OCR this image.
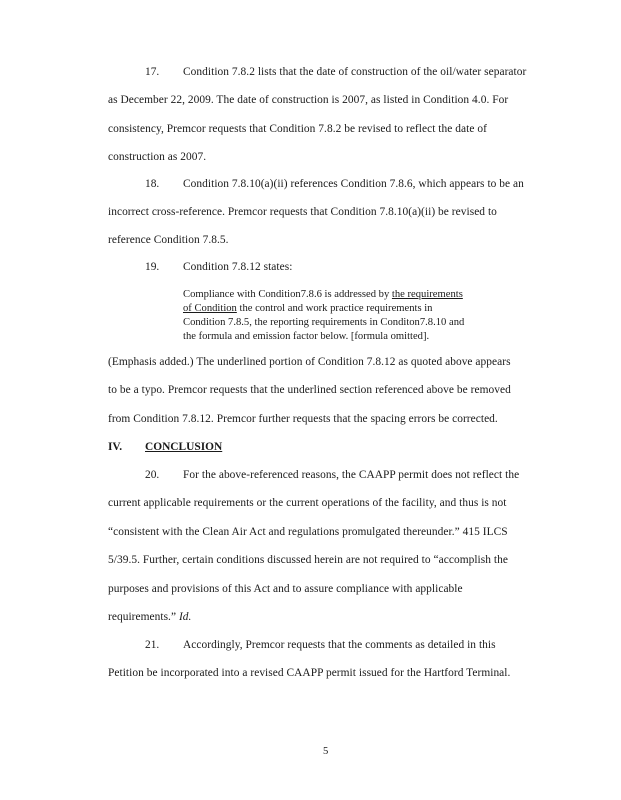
17. Condition 7.8.2 lists that the date of construction of the oil/water separator
as December 22, 2009. The date of construction is 2007, as listed in Condition 4.0. For
consistency, Premcor requests that Condition 7.8.2 be revised to reflect the date of
construction as 2007.
18. Condition 7.8.10(a)(ii) references Condition 7.8.6, which appears to be an
incorrect cross-reference. Premcor requests that Condition 7.8.10(a)(ii) be revised to
reference Condition 7.8.5.
19. Condition 7.8.12 states:
Compliance with Condition7.8.6 is addressed by the requirements
of Condition the control and work practice requirements in
Condition 7.8.5, the reporting requirements in Conditon7.8.10 and
the formula and emission factor below. [formula omitted].
(Emphasis added.) The underlined portion of Condition 7.8.12 as quoted above appears
to be a typo. Premcor requests that the underlined section referenced above be removed
from Condition 7.8.12. Premcor further requests that the spacing errors be corrected.
IV. CONCLUSION
20. For the above-referenced reasons, the CAAPP permit does not reflect the
current applicable requirements or the current operations of the facility, and thus is not
“consistent with the Clean Air Act and regulations promulgated thereunder.” 415 ILCS
5/39.5. Further, certain conditions discussed herein are not required to “accomplish the
purposes and provisions of this Act and to assure compliance with applicable
requirements.” Id.
21. Accordingly, Premcor requests that the comments as detailed in this
Petition be incorporated into a revised CAAPP permit issued for the Hartford Terminal.
5
